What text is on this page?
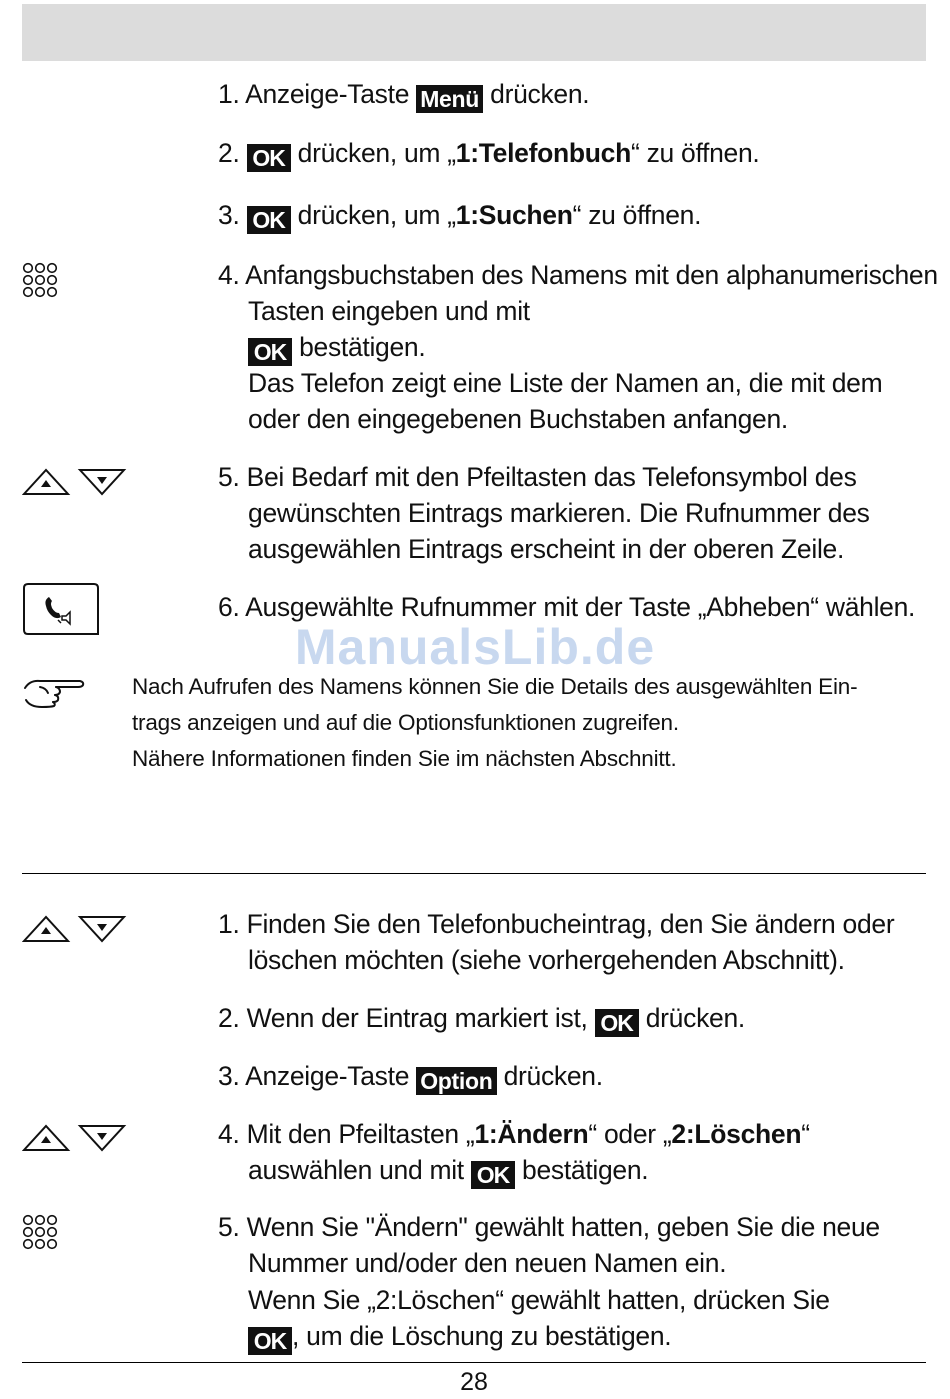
1. Anzeige-Taste Menü drücken.
2. OK drücken, um „1:Telefonbuch“ zu öffnen.
3. OK drücken, um „1:Suchen“ zu öffnen.
4. Anfangsbuchstaben des Namens mit den alphanumerischen
Tasten eingeben und mit
OK bestätigen.
Das Telefon zeigt eine Liste der Namen an, die mit dem
oder den eingegebenen Buchstaben anfangen.
5. Bei Bedarf mit den Pfeiltasten das Telefonsymbol des
gewünschten Eintrags markieren. Die Rufnummer des
ausgewählen Eintrags erscheint in der oberen Zeile.
6. Ausgewählte Rufnummer mit der Taste „Abheben“ wählen.
ManualsLib.de
Nach Aufrufen des Namens können Sie die Details des ausgewählten Ein-
trags anzeigen und auf die Optionsfunktionen zugreifen.
Nähere Informationen finden Sie im nächsten Abschnitt.
1. Finden Sie den Telefonbucheintrag, den Sie ändern oder
löschen möchten (siehe vorhergehenden Abschnitt).
2. Wenn der Eintrag markiert ist, OK drücken.
3. Anzeige-Taste Option drücken.
4. Mit den Pfeiltasten „1:Ändern“ oder „2:Löschen“
auswählen und mit OK bestätigen.
5. Wenn Sie "Ändern" gewählt hatten, geben Sie die neue
Nummer und/oder den neuen Namen ein.
Wenn Sie „2:Löschen“ gewählt hatten, drücken Sie
OK , um die Löschung zu bestätigen.
28
